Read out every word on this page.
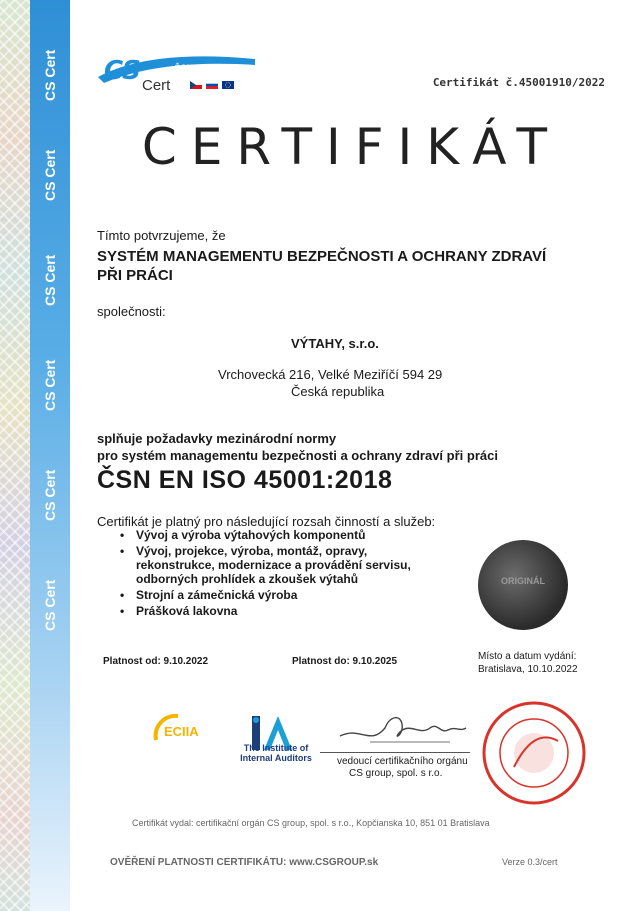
CS Cert
CS Cert
CS Cert
CS Cert
CS Cert
CS Cert
CS Cert
ČSN EN ISO
Certifikát č.45001910/2022
CERTIFIKÁT
Tímto potvrzujeme, že
SYSTÉM MANAGEMENTU BEZPEČNOSTI A OCHRANY ZDRAVÍ PŘI PRÁCI
společnosti:
VÝTAHY, s.r.o.
Vrchovecká 216, Velké Meziříčí 594 29
Česká republika
splňuje požadavky mezinárodní normy
pro systém managementu bezpečnosti a ochrany zdraví při práci
ČSN EN ISO 45001:2018
Certifikát je platný pro následující rozsah činností a služeb:
• Vývoj a výroba výtahových komponentů
• Vývoj, projekce, výroba, montáž, opravy, rekonstrukce, modernizace a provádění servisu, odborných prohlídek a zkoušek výtahů
• Strojní a zámečnická výroba
• Prášková lakovna
ORIGINÁL
Platnost od: 9.10.2022	Platnost do: 9.10.2025	Místo a datum vydání:
Bratislava, 10.10.2022
ECIIA
The Institute of
Internal Auditors	vedoucí certifikačního orgánu
CS group, spol. s r.o.
Certifikát vydal: certifikační orgán CS group, spol. s r.o., Kopčianska 10, 851 01 Bratislava
OVĚŘENÍ PLATNOSTI CERTIFIKÁTU: www.CSGROUP.sk	Verze 0.3/cert
